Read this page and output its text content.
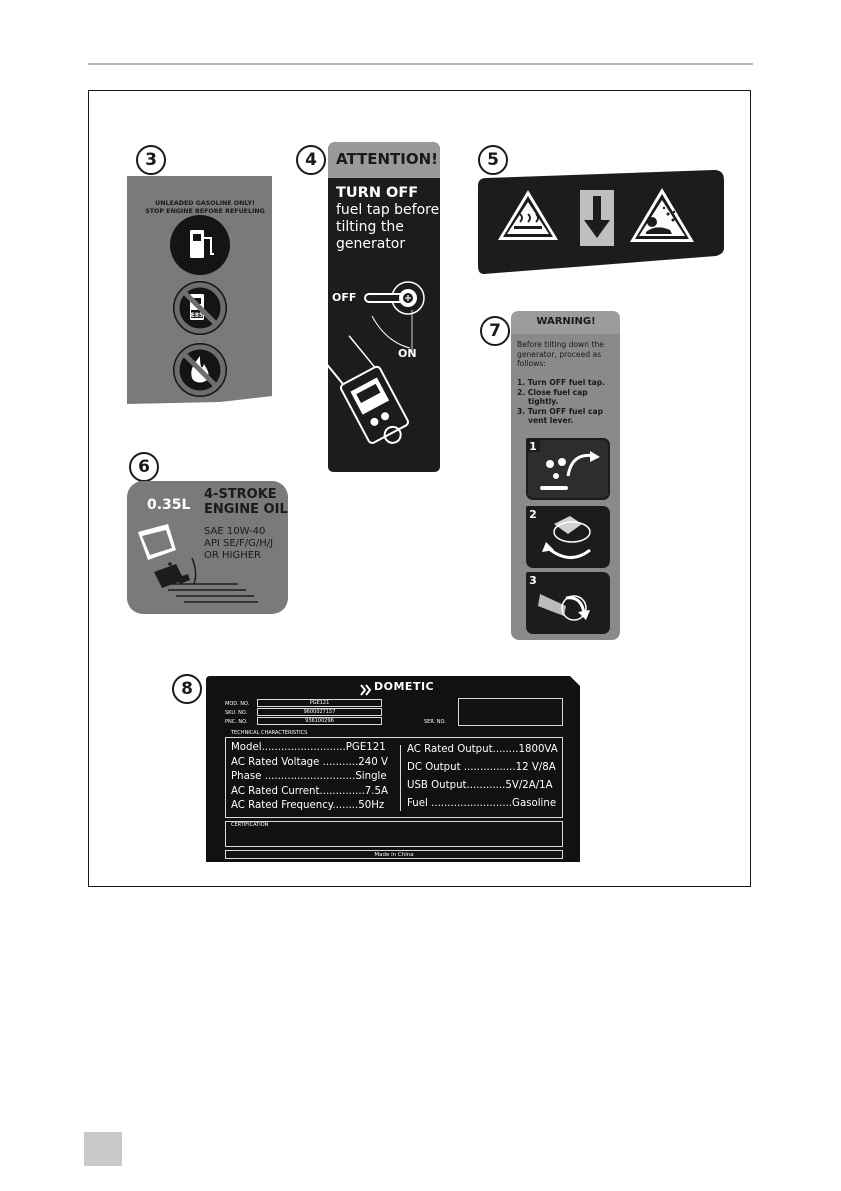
3
E85
UNLEADED GASOLINE ONLY!
STOP ENGINE BEFORE REFUELING
4	ATTENTION!
TURN OFF
fuel tap before tilting the generator
OFF
ON
5
6
0.35L
4-STROKE
ENGINE OIL
SAE 10W-40
API SE/F/G/H/J
OR HIGHER
7
1
2
3
WARNING!
Before tilting down the generator, proceed as follows:
1. Turn OFF fuel tap.
2. Close fuel cap
tightly.
3. Turn OFF fuel cap
vent lever.
8	DOMETIC
MOD. NO.	PGE121
SKU. NO.	9600027157
PNC. NO.	936100296	SER. NO.
TECHNICAL CHARACTERISTICS
Model..........................PGE121
AC Rated Voltage ...........240 V
Phase ............................Single
AC Rated Current..............7.5A
AC Rated Frequency........50Hz
AC Rated Output........1800VA
DC Output ................12 V/8A
USB Output............5V/2A/1A
Fuel .........................Gasoline
CERTIFICATION
Made in China
